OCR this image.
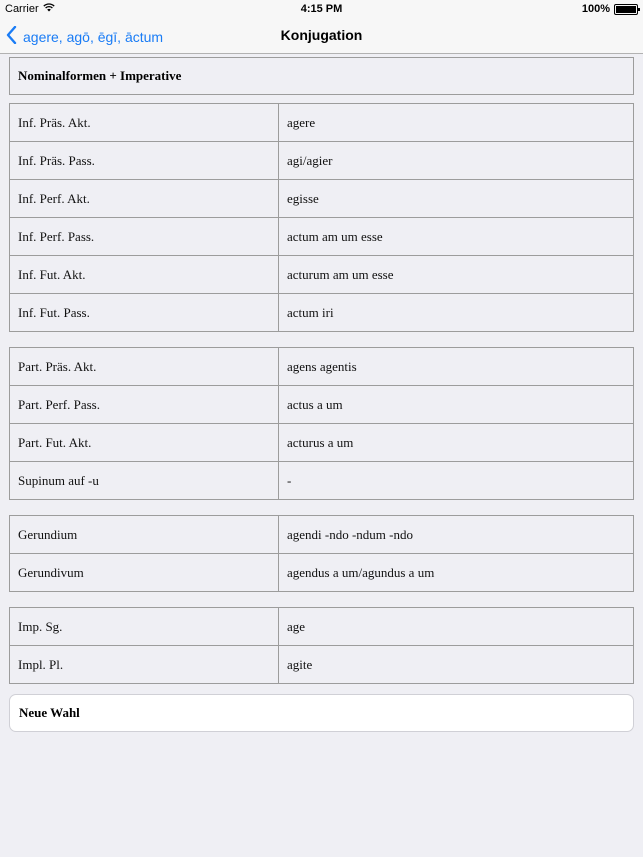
Carrier	4:15 PM	100%
agere, agō, ēgī, āctum	Konjugation
Nominalformen + Imperative
Inf. Präs. Akt.	agere
Inf. Präs. Pass.	agi/agier
Inf. Perf. Akt.	egisse
Inf. Perf. Pass.	actum am um esse
Inf. Fut. Akt.	acturum am um esse
Inf. Fut. Pass.	actum iri
Part. Präs. Akt.	agens agentis
Part. Perf. Pass.	actus a um
Part. Fut. Akt.	acturus a um
Supinum auf -u	-
Gerundium	agendi -ndo -ndum -ndo
Gerundivum	agendus a um/agundus a um
Imp. Sg.	age
Impl. Pl.	agite
Neue Wahl
